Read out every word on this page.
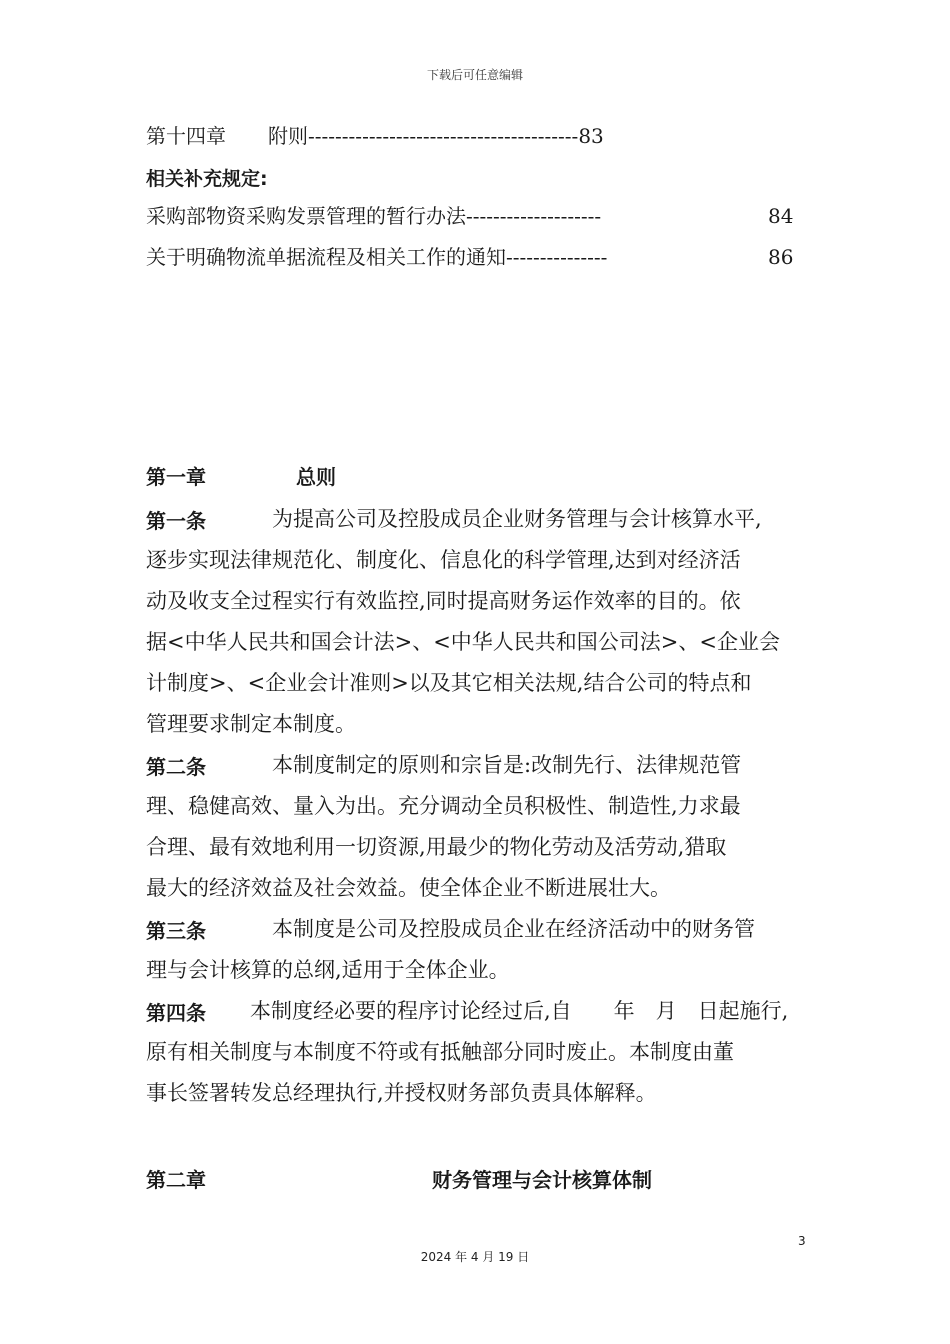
下载后可任意编辑
第十四章 附则----------------------------------------83
相关补充规定:
采购部物资采购发票管理的暂行办法--------------------	84
关于明确物流单据流程及相关工作的通知---------------	86
第一章	总则
第一条	为提高公司及控股成员企业财务管理与会计核算水平,
逐步实现法律规范化、制度化、信息化的科学管理,达到对经济活
动及收支全过程实行有效监控,同时提高财务运作效率的目的。依
据<中华人民共和国会计法>、<中华人民共和国公司法>、<企业会
计制度>、<企业会计准则>以及其它相关法规,结合公司的特点和
管理要求制定本制度。
第二条	本制度制定的原则和宗旨是:改制先行、法律规范管
理、稳健高效、量入为出。充分调动全员积极性、制造性,力求最
合理、最有效地利用一切资源,用最少的物化劳动及活劳动,猎取
最大的经济效益及社会效益。使全体企业不断进展壮大。
第三条	本制度是公司及控股成员企业在经济活动中的财务管
理与会计核算的总纲,适用于全体企业。
第四条 本制度经必要的程序讨论经过后,自　　年　月　日起施行,
原有相关制度与本制度不符或有抵触部分同时废止。本制度由董
事长签署转发总经理执行,并授权财务部负责具体解释。
第二章	财务管理与会计核算体制
3
2024 年 4 月 19 日
